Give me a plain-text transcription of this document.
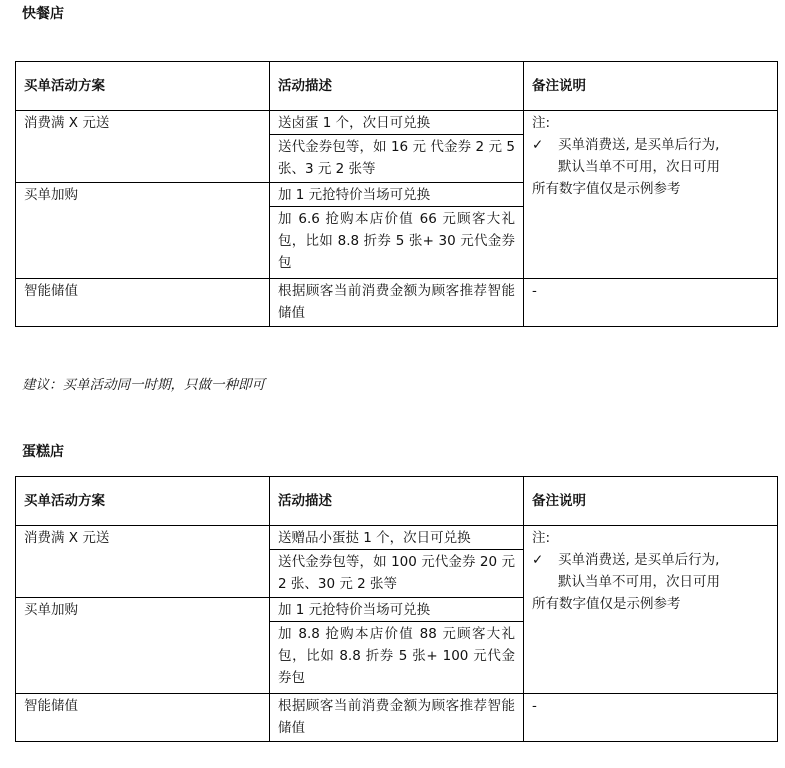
快餐店
买单活动方案	活动描述	备注说明
消费满 X 元送	送卤蛋 1 个，次日可兑换	注:
✓ 买单消费送, 是买单后行为,
默认当单不可用，次日可用
所有数字值仅是示例参考

	送代金券包等，如 16 元 代金券 2 元 5 张、3 元 2 张等	
买单加购	加 1 元抢特价当场可兑换	
	加 6.6 抢购本店价值 66 元顾客大礼包，比如 8.8 折券 5 张+ 30 元代金券包	
智能储值	根据顾客当前消费金额为顾客推荐智能储值	-
建议：买单活动同一时期，只做一种即可
蛋糕店
买单活动方案	活动描述	备注说明
消费满 X 元送	送赠品小蛋挞 1 个，次日可兑换	注:
✓ 买单消费送, 是买单后行为,
默认当单不可用，次日可用
所有数字值仅是示例参考

	送代金券包等，如 100 元代金券 20 元 2 张、30 元 2 张等	
买单加购	加 1 元抢特价当场可兑换	
	加 8.8 抢购本店价值 88 元顾客大礼包，比如 8.8 折券 5 张+ 100 元代金券包	
智能储值	根据顾客当前消费金额为顾客推荐智能储值	-
